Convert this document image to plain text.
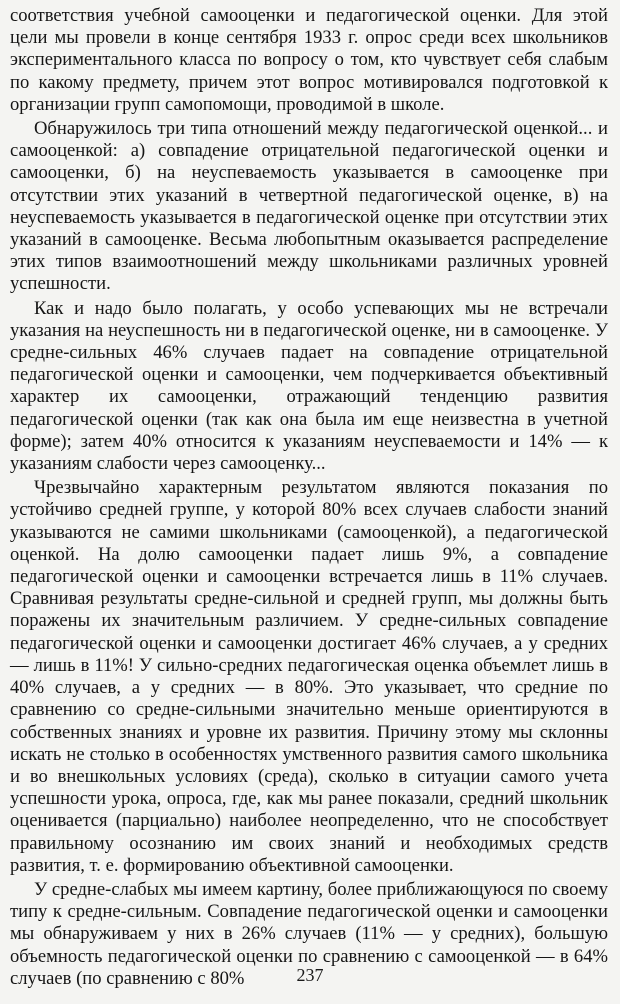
соответствия учебной самооценки и педагогической оценки. Для этой цели мы провели в конце сентября 1933 г. опрос среди всех школьников экспериментального класса по вопросу о том, кто чувствует себя слабым по какому предмету, причем этот вопрос мотивировался подготовкой к организации групп самопомощи, проводимой в школе.

Обнаружилось три типа отношений между педагогической оценкой... и самооценкой: а) совпадение отрицательной педагогической оценки и самооценки, б) на неуспеваемость указывается в самооценке при отсутствии этих указаний в четвертной педагогической оценке, в) на неуспеваемость указывается в педагогической оценке при отсутствии этих указаний в самооценке. Весьма любопытным оказывается распределение этих типов взаимоотношений между школьниками различных уровней успешности.

Как и надо было полагать, у особо успевающих мы не встречали указания на неуспешность ни в педагогической оценке, ни в самооценке. У средне-сильных 46% случаев падает на совпадение отрицательной педагогической оценки и самооценки, чем подчеркивается объективный характер их самооценки, отражающий тенденцию развития педагогической оценки (так как она была им еще неизвестна в учетной форме); затем 40% относится к указаниям неуспеваемости и 14% — к указаниям слабости через самооценку...

Чрезвычайно характерным результатом являются показания по устойчиво средней группе, у которой 80% всех случаев слабости знаний указываются не самими школьниками (самооценкой), а педагогической оценкой. На долю самооценки падает лишь 9%, а совпадение педагогической оценки и самооценки встречается лишь в 11% случаев. Сравнивая результаты средне-сильной и средней групп, мы должны быть поражены их значительным различием. У средне-сильных совпадение педагогической оценки и самооценки достигает 46% случаев, а у средних — лишь в 11%! У сильно-средних педагогическая оценка объемлет лишь в 40% случаев, а у средних — в 80%. Это указывает, что средние по сравнению со средне-сильными значительно меньше ориентируются в собственных знаниях и уровне их развития. Причину этому мы склонны искать не столько в особенностях умственного развития самого школьника и во внешкольных условиях (среда), сколько в ситуации самого учета успешности урока, опроса, где, как мы ранее показали, средний школьник оценивается (парциально) наиболее неопределенно, что не способствует правильному осознанию им своих знаний и необходимых средств развития, т. е. формированию объективной самооценки.

У средне-слабых мы имеем картину, более приближающуюся по своему типу к средне-сильным. Совпадение педагогической оценки и самооценки мы обнаруживаем у них в 26% случаев (11% — у средних), большую объемность педагогической оценки по сравнению с самооценкой — в 64% случаев (по сравнению с 80%	237
